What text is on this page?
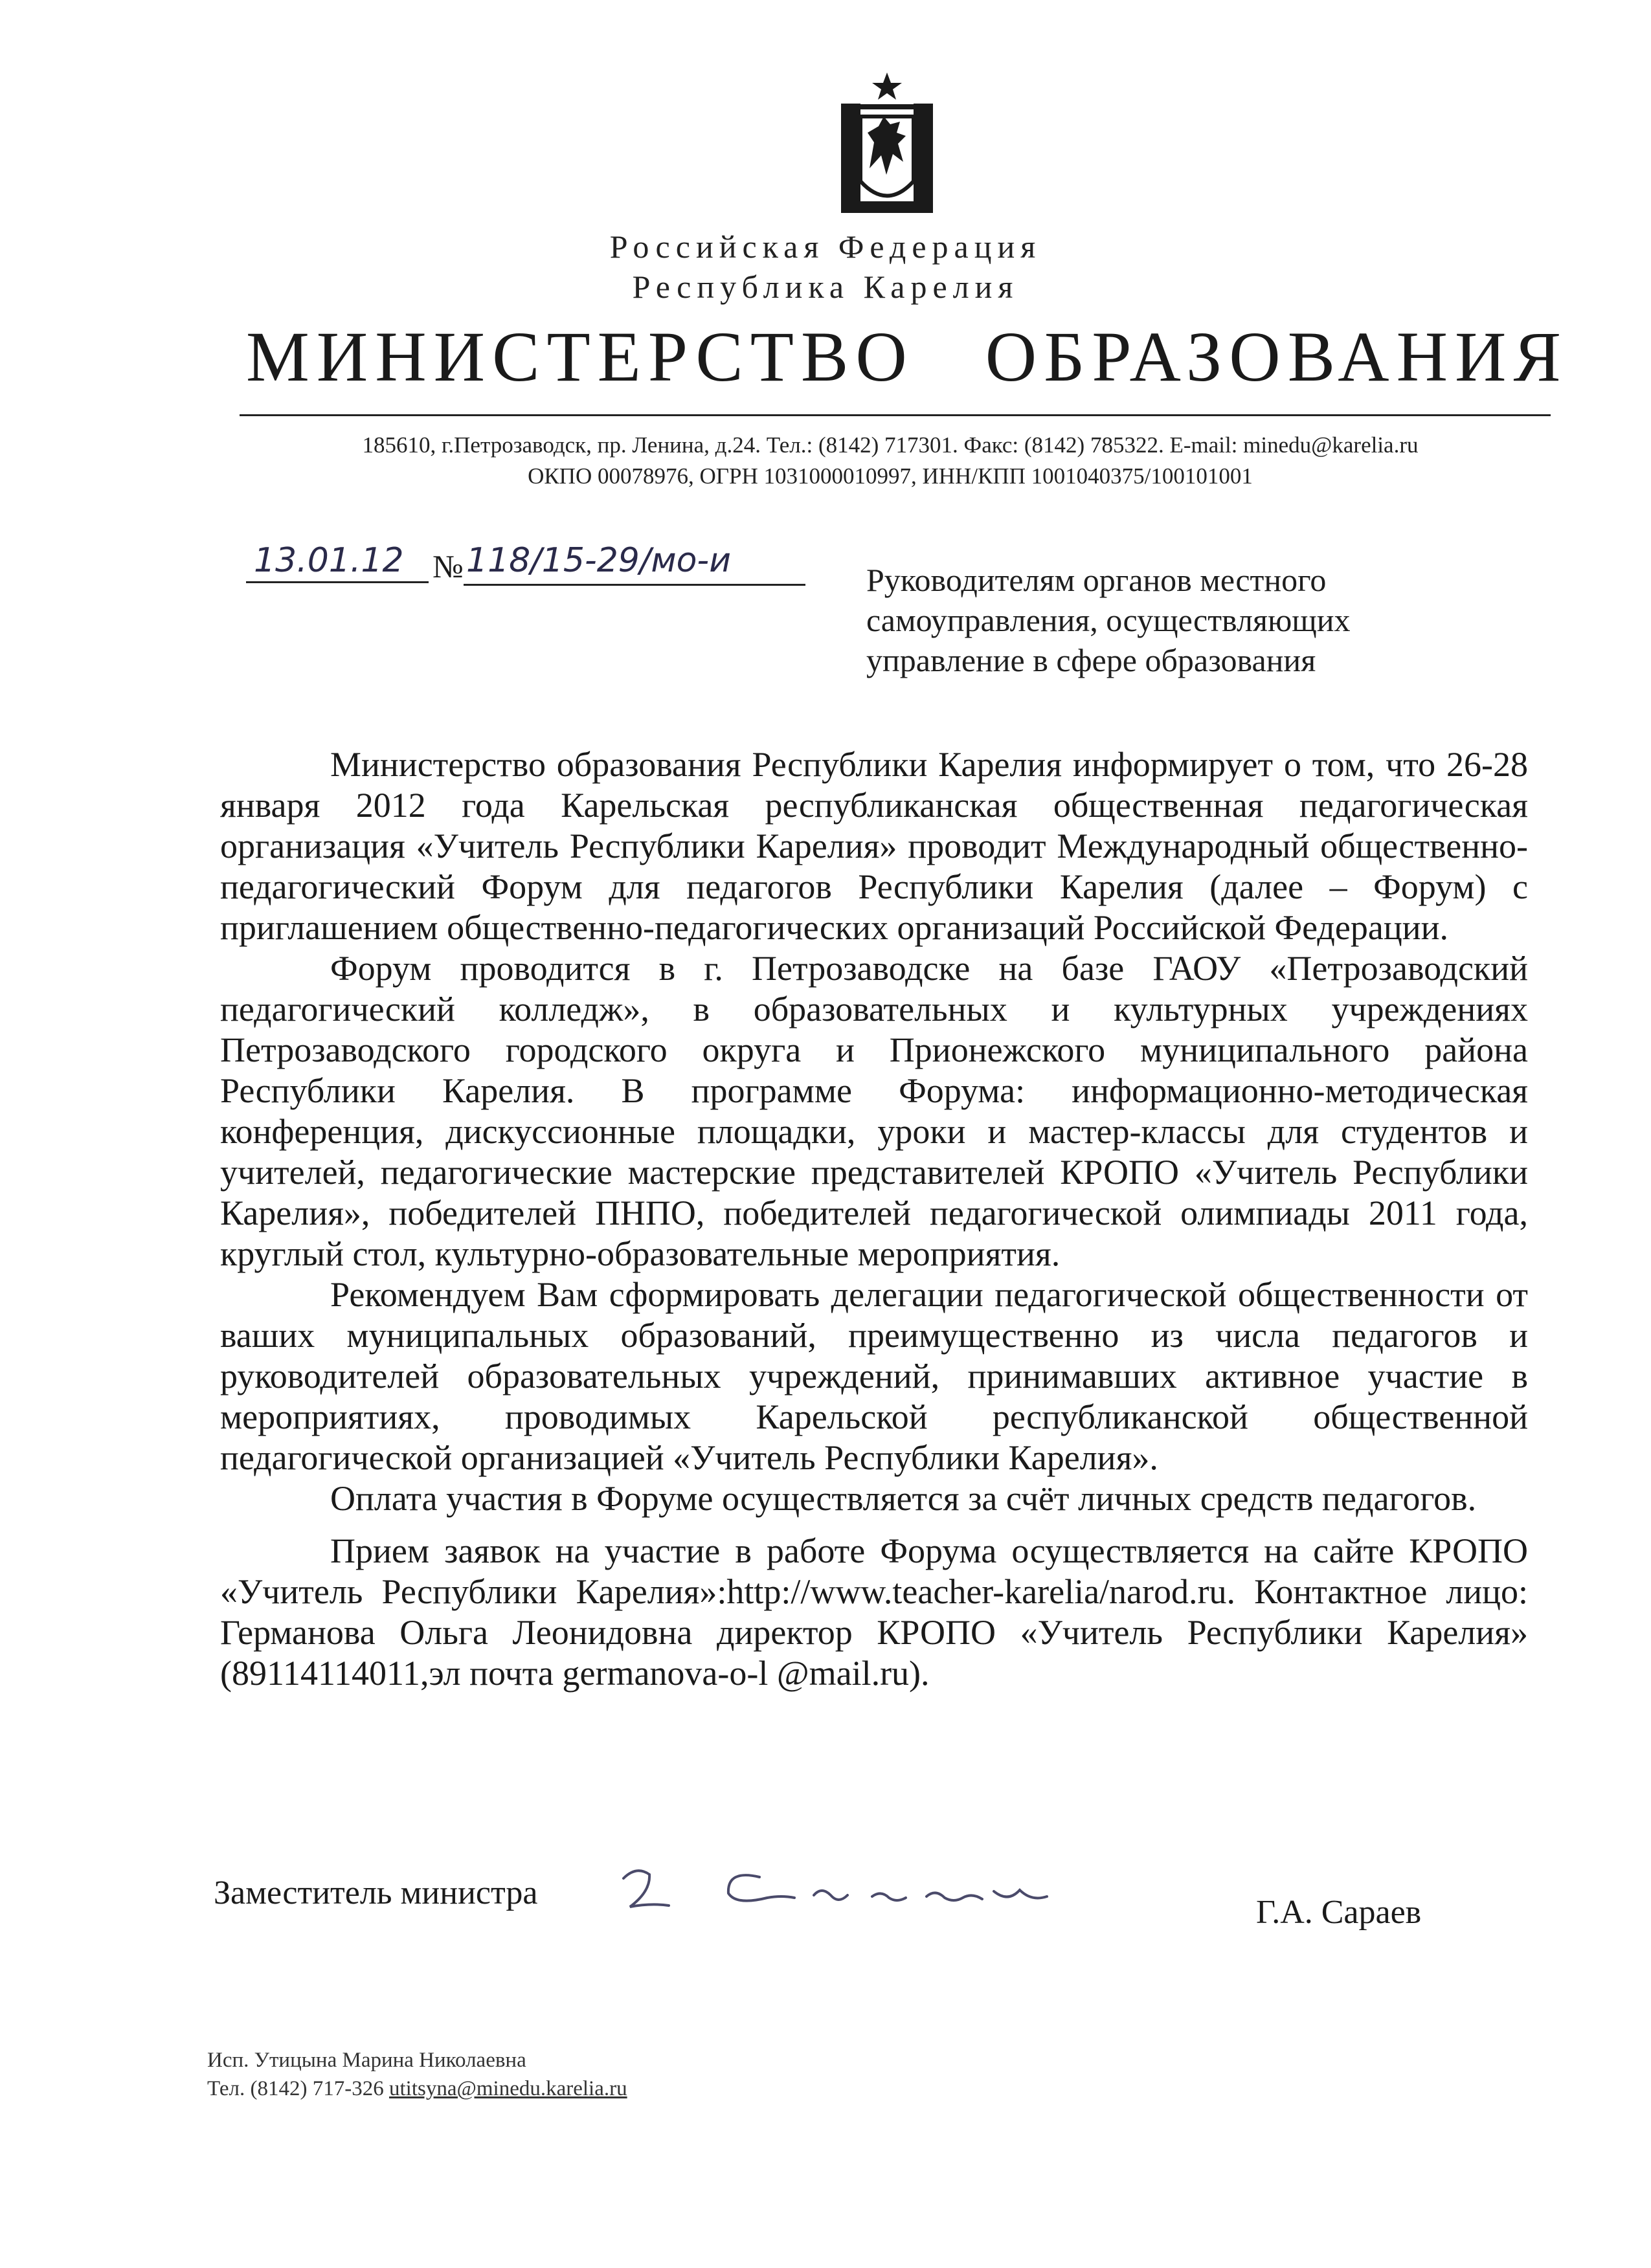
Российская Федерация
Республика Карелия
МИНИСТЕРСТВО ОБРАЗОВАНИЯ
185610, г.Петрозаводск, пр. Ленина, д.24. Тел.: (8142) 717301. Факс: (8142) 785322. E-mail: minedu@karelia.ru
ОКПО 00078976, ОГРН 1031000010997, ИНН/КПП 1001040375/100101001
13.01.12 № 118/15-29/мо-и	Руководителям органов местного
самоуправления, осуществляющих
управление в сфере образования

Министерство образования Республики Карелия информирует о том, что 26-28 января 2012 года Карельская республиканская общественная педагогическая организация «Учитель Республики Карелия» проводит Международный общественно-педагогический Форум для педагогов Республики Карелия (далее – Форум) с приглашением общественно-педагогических организаций Российской Федерации.

Форум проводится в г. Петрозаводске на базе ГАОУ «Петрозаводский педагогический колледж», в образовательных и культурных учреждениях Петрозаводского городского округа и Прионежского муниципального района Республики Карелия. В программе Форума: информационно-методическая конференция, дискуссионные площадки, уроки и мастер-классы для студентов и учителей, педагогические мастерские представителей КРОПО «Учитель Республики Карелия», победителей ПНПО, победителей педагогической олимпиады 2011 года, круглый стол, культурно-образовательные мероприятия.

Рекомендуем Вам сформировать делегации педагогической общественности от ваших муниципальных образований, преимущественно из числа педагогов и руководителей образовательных учреждений, принимавших активное участие в мероприятиях, проводимых Карельской республиканской общественной педагогической организацией «Учитель Республики Карелия».

Оплата участия в Форуме осуществляется за счёт личных средств педагогов.

Прием заявок на участие в работе Форума осуществляется на сайте КРОПО «Учитель Республики Карелия»:http://www.teacher-karelia/narod.ru. Контактное лицо: Германова Ольга Леонидовна директор КРОПО «Учитель Республики Карелия» (89114114011,эл почта germanova-o-l @mail.ru).

Заместитель министра
Г.А. Сараев
Исп. Утицына Марина Николаевна
Тел. (8142) 717-326 utitsyna@minedu.karelia.ru
